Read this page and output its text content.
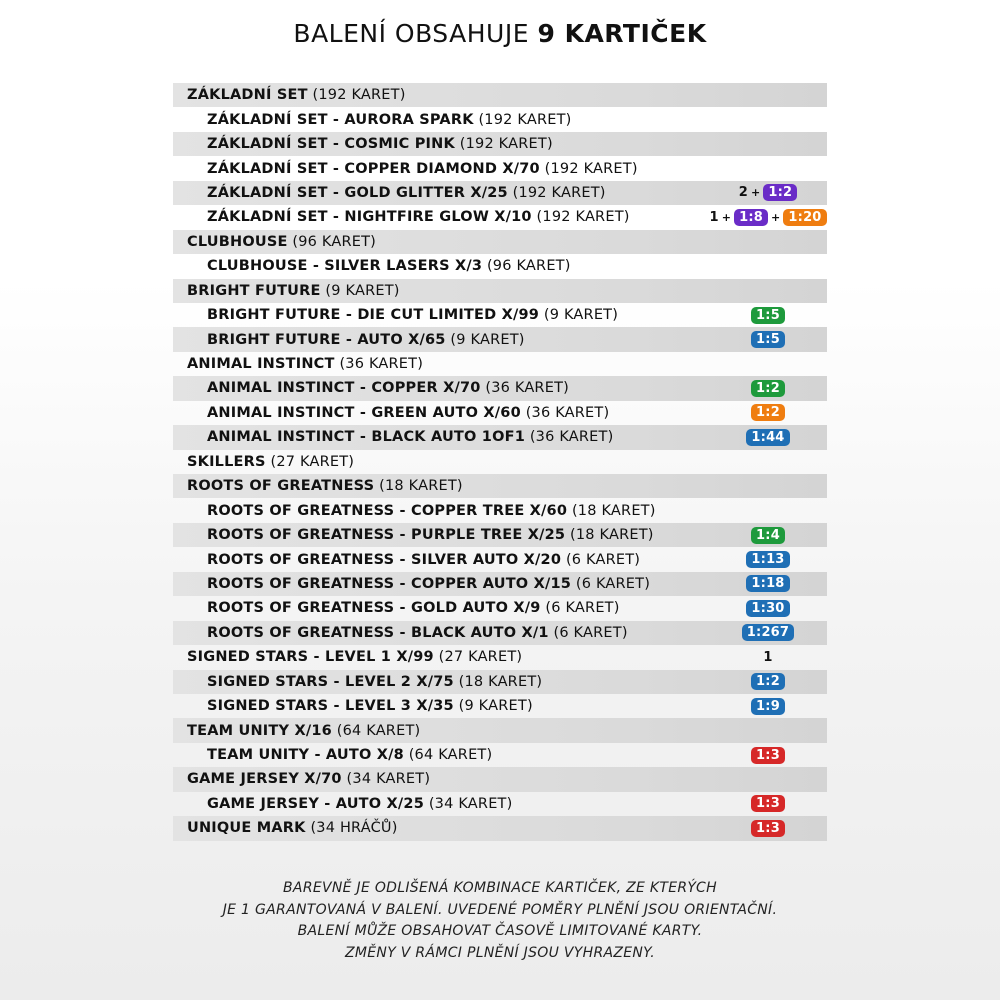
BALENÍ OBSAHUJE 9 KARTIČEK
ZÁKLADNÍ SET (192 KARET)
ZÁKLADNÍ SET - AURORA SPARK (192 KARET)
ZÁKLADNÍ SET - COSMIC PINK (192 KARET)
ZÁKLADNÍ SET - COPPER DIAMOND X/70 (192 KARET)
ZÁKLADNÍ SET - GOLD GLITTER X/25 (192 KARET)	2 + 1:2
ZÁKLADNÍ SET - NIGHTFIRE GLOW X/10 (192 KARET)	1 + 1:8 + 1:20
CLUBHOUSE (96 KARET)
CLUBHOUSE - SILVER LASERS X/3 (96 KARET)
BRIGHT FUTURE (9 KARET)
BRIGHT FUTURE - DIE CUT LIMITED X/99 (9 KARET)	1:5
BRIGHT FUTURE - AUTO X/65 (9 KARET)	1:5
ANIMAL INSTINCT (36 KARET)
ANIMAL INSTINCT - COPPER X/70 (36 KARET)	1:2
ANIMAL INSTINCT - GREEN AUTO X/60 (36 KARET)	1:2
ANIMAL INSTINCT - BLACK AUTO 1OF1 (36 KARET)	1:44
SKILLERS (27 KARET)
ROOTS OF GREATNESS (18 KARET)
ROOTS OF GREATNESS - COPPER TREE X/60 (18 KARET)
ROOTS OF GREATNESS - PURPLE TREE X/25 (18 KARET)	1:4
ROOTS OF GREATNESS - SILVER AUTO X/20 (6 KARET)	1:13
ROOTS OF GREATNESS - COPPER AUTO X/15 (6 KARET)	1:18
ROOTS OF GREATNESS - GOLD AUTO X/9 (6 KARET)	1:30
ROOTS OF GREATNESS - BLACK AUTO X/1 (6 KARET)	1:267
SIGNED STARS - LEVEL 1 X/99 (27 KARET)	1
SIGNED STARS - LEVEL 2 X/75 (18 KARET)	1:2
SIGNED STARS - LEVEL 3 X/35 (9 KARET)	1:9
TEAM UNITY X/16 (64 KARET)
TEAM UNITY - AUTO X/8 (64 KARET)	1:3
GAME JERSEY X/70 (34 KARET)
GAME JERSEY - AUTO X/25 (34 KARET)	1:3
UNIQUE MARK (34 HRÁČŮ)	1:3
BAREVNĚ JE ODLIŠENÁ KOMBINACE KARTIČEK, ZE KTERÝCH
JE 1 GARANTOVANÁ V BALENÍ. UVEDENÉ POMĚRY PLNĚNÍ JSOU ORIENTAČNÍ.
BALENÍ MŮŽE OBSAHOVAT ČASOVĚ LIMITOVANÉ KARTY.
ZMĚNY V RÁMCI PLNĚNÍ JSOU VYHRAZENY.
